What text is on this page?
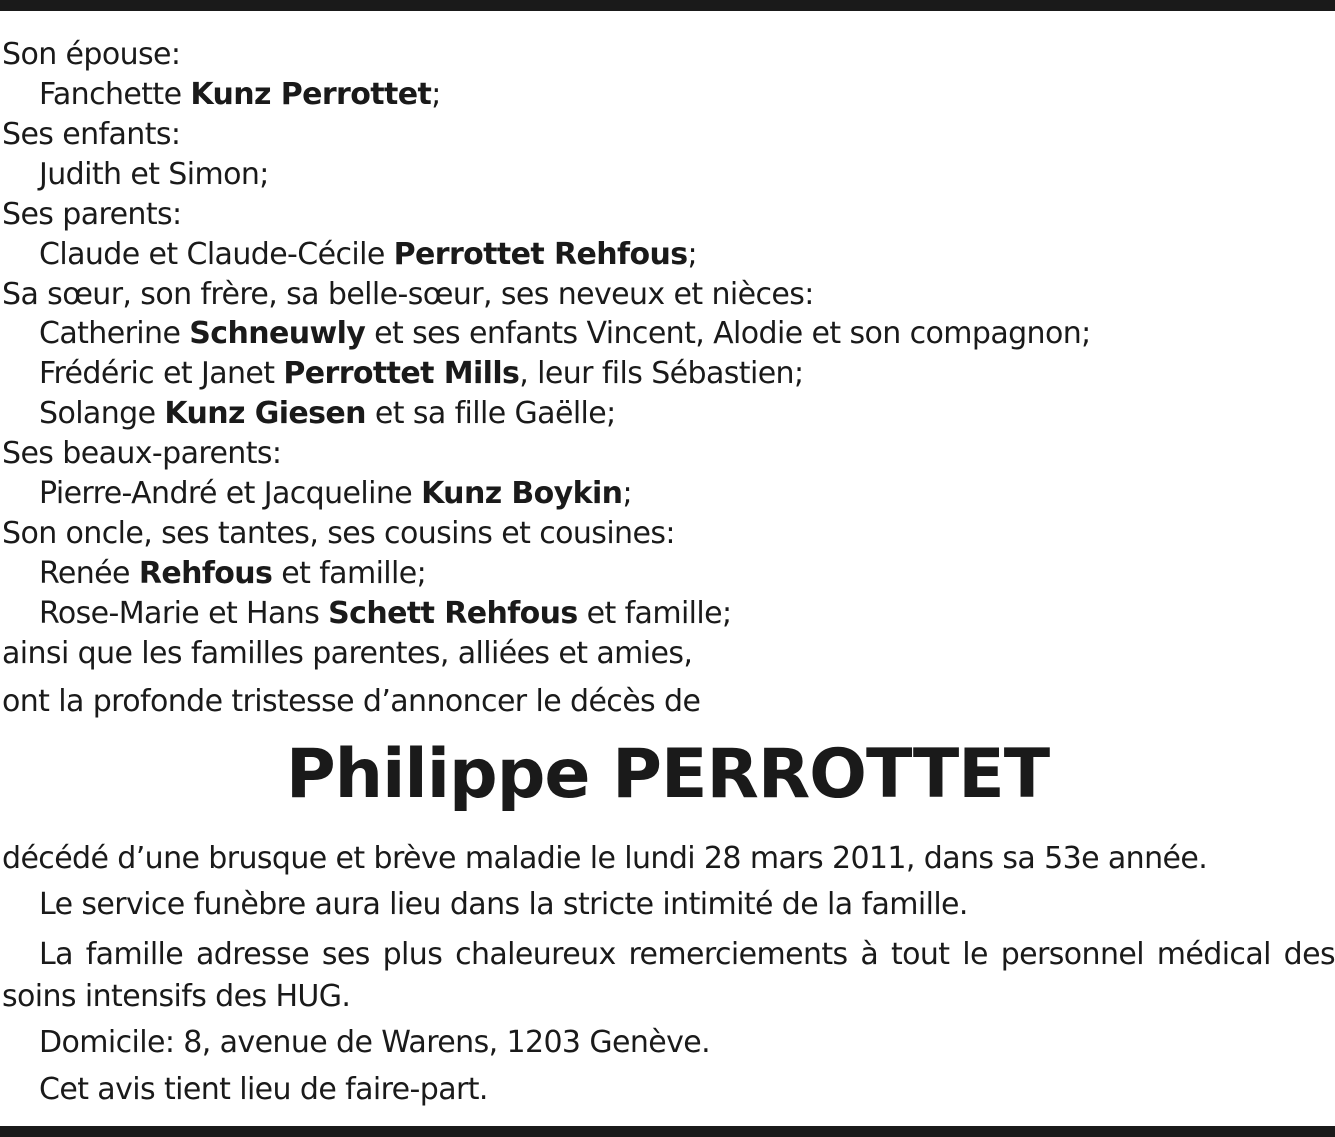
Son épouse:
Fanchette Kunz Perrottet;
Ses enfants:
Judith et Simon;
Ses parents:
Claude et Claude-Cécile Perrottet Rehfous;
Sa sœur, son frère, sa belle-sœur, ses neveux et nièces:
Catherine Schneuwly et ses enfants Vincent, Alodie et son compagnon;
Frédéric et Janet Perrottet Mills, leur fils Sébastien;
Solange Kunz Giesen et sa fille Gaëlle;
Ses beaux-parents:
Pierre-André et Jacqueline Kunz Boykin;
Son oncle, ses tantes, ses cousins et cousines:
Renée Rehfous et famille;
Rose-Marie et Hans Schett Rehfous et famille;
ainsi que les familles parentes, alliées et amies,
ont la profonde tristesse d’annoncer le décès de
Philippe PERROTTET
décédé d’une brusque et brève maladie le lundi 28 mars 2011, dans sa 53e année.
Le service funèbre aura lieu dans la stricte intimité de la famille.
La famille adresse ses plus chaleureux remerciements à tout le personnel médical des soins intensifs des HUG.
Domicile: 8, avenue de Warens, 1203 Genève.
Cet avis tient lieu de faire-part.
